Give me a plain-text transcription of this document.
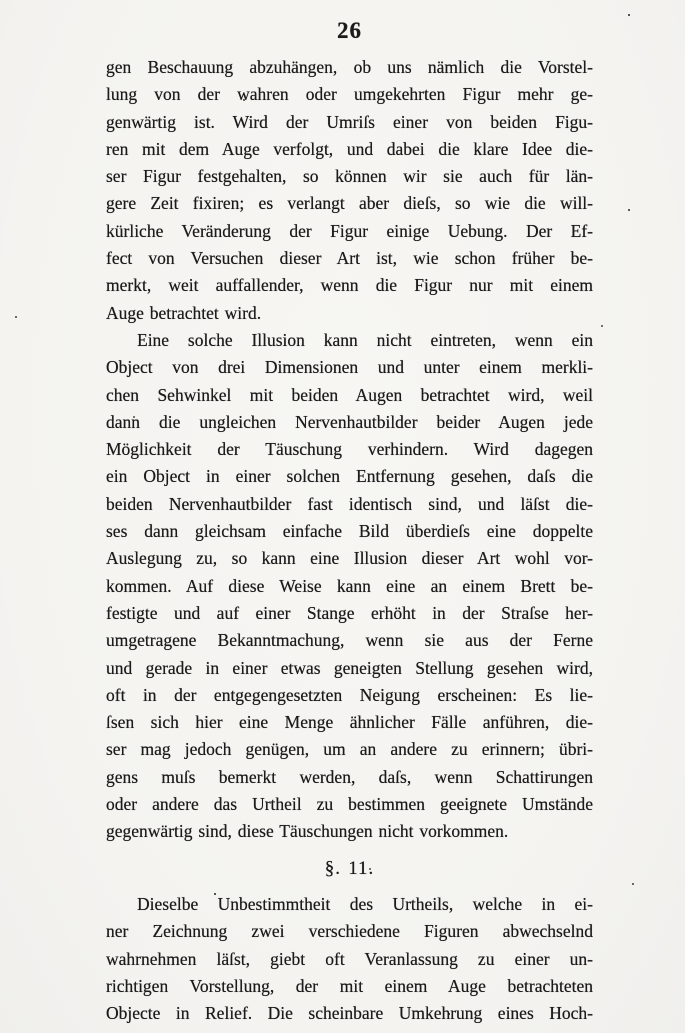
26
gen Beschauung abzuhängen, ob uns nämlich die Vorstel-
lung von der wahren oder umgekehrten Figur mehr ge-
genwärtig ist. Wird der Umriſs einer von beiden Figu-
ren mit dem Auge verfolgt, und dabei die klare Idee die-
ser Figur festgehalten, so können wir sie auch für län-
gere Zeit fixiren; es verlangt aber dieſs, so wie die will-
kürliche Veränderung der Figur einige Uebung. Der Ef-
fect von Versuchen dieser Art ist, wie schon früher be-
merkt, weit auffallender, wenn die Figur nur mit einem
Auge betrachtet wird.
Eine solche Illusion kann nicht eintreten, wenn ein
Object von drei Dimensionen und unter einem merkli-
chen Sehwinkel mit beiden Augen betrachtet wird, weil
dann die ungleichen Nervenhautbilder beider Augen jede
Möglichkeit der Täuschung verhindern. Wird dagegen
ein Object in einer solchen Entfernung gesehen, daſs die
beiden Nervenhautbilder fast identisch sind, und läſst die-
ses dann gleichsam einfache Bild überdieſs eine doppelte
Auslegung zu, so kann eine Illusion dieser Art wohl vor-
kommen. Auf diese Weise kann eine an einem Brett be-
festigte und auf einer Stange erhöht in der Straſse her-
umgetragene Bekanntmachung, wenn sie aus der Ferne
und gerade in einer etwas geneigten Stellung gesehen wird,
oft in der entgegengesetzten Neigung erscheinen: Es lie-
ſsen sich hier eine Menge ähnlicher Fälle anführen, die-
ser mag jedoch genügen, um an andere zu erinnern; übri-
gens muſs bemerkt werden, daſs, wenn Schattirungen
oder andere das Urtheil zu bestimmen geeignete Umstände
gegenwärtig sind, diese Täuschungen nicht vorkommen.
§. 11.
Dieselbe Unbestimmtheit des Urtheils, welche in ei-
ner Zeichnung zwei verschiedene Figuren abwechselnd
wahrnehmen läſst, giebt oft Veranlassung zu einer un-
richtigen Vorstellung, der mit einem Auge betrachteten
Objecte in Relief. Die scheinbare Umkehrung eines Hoch-
